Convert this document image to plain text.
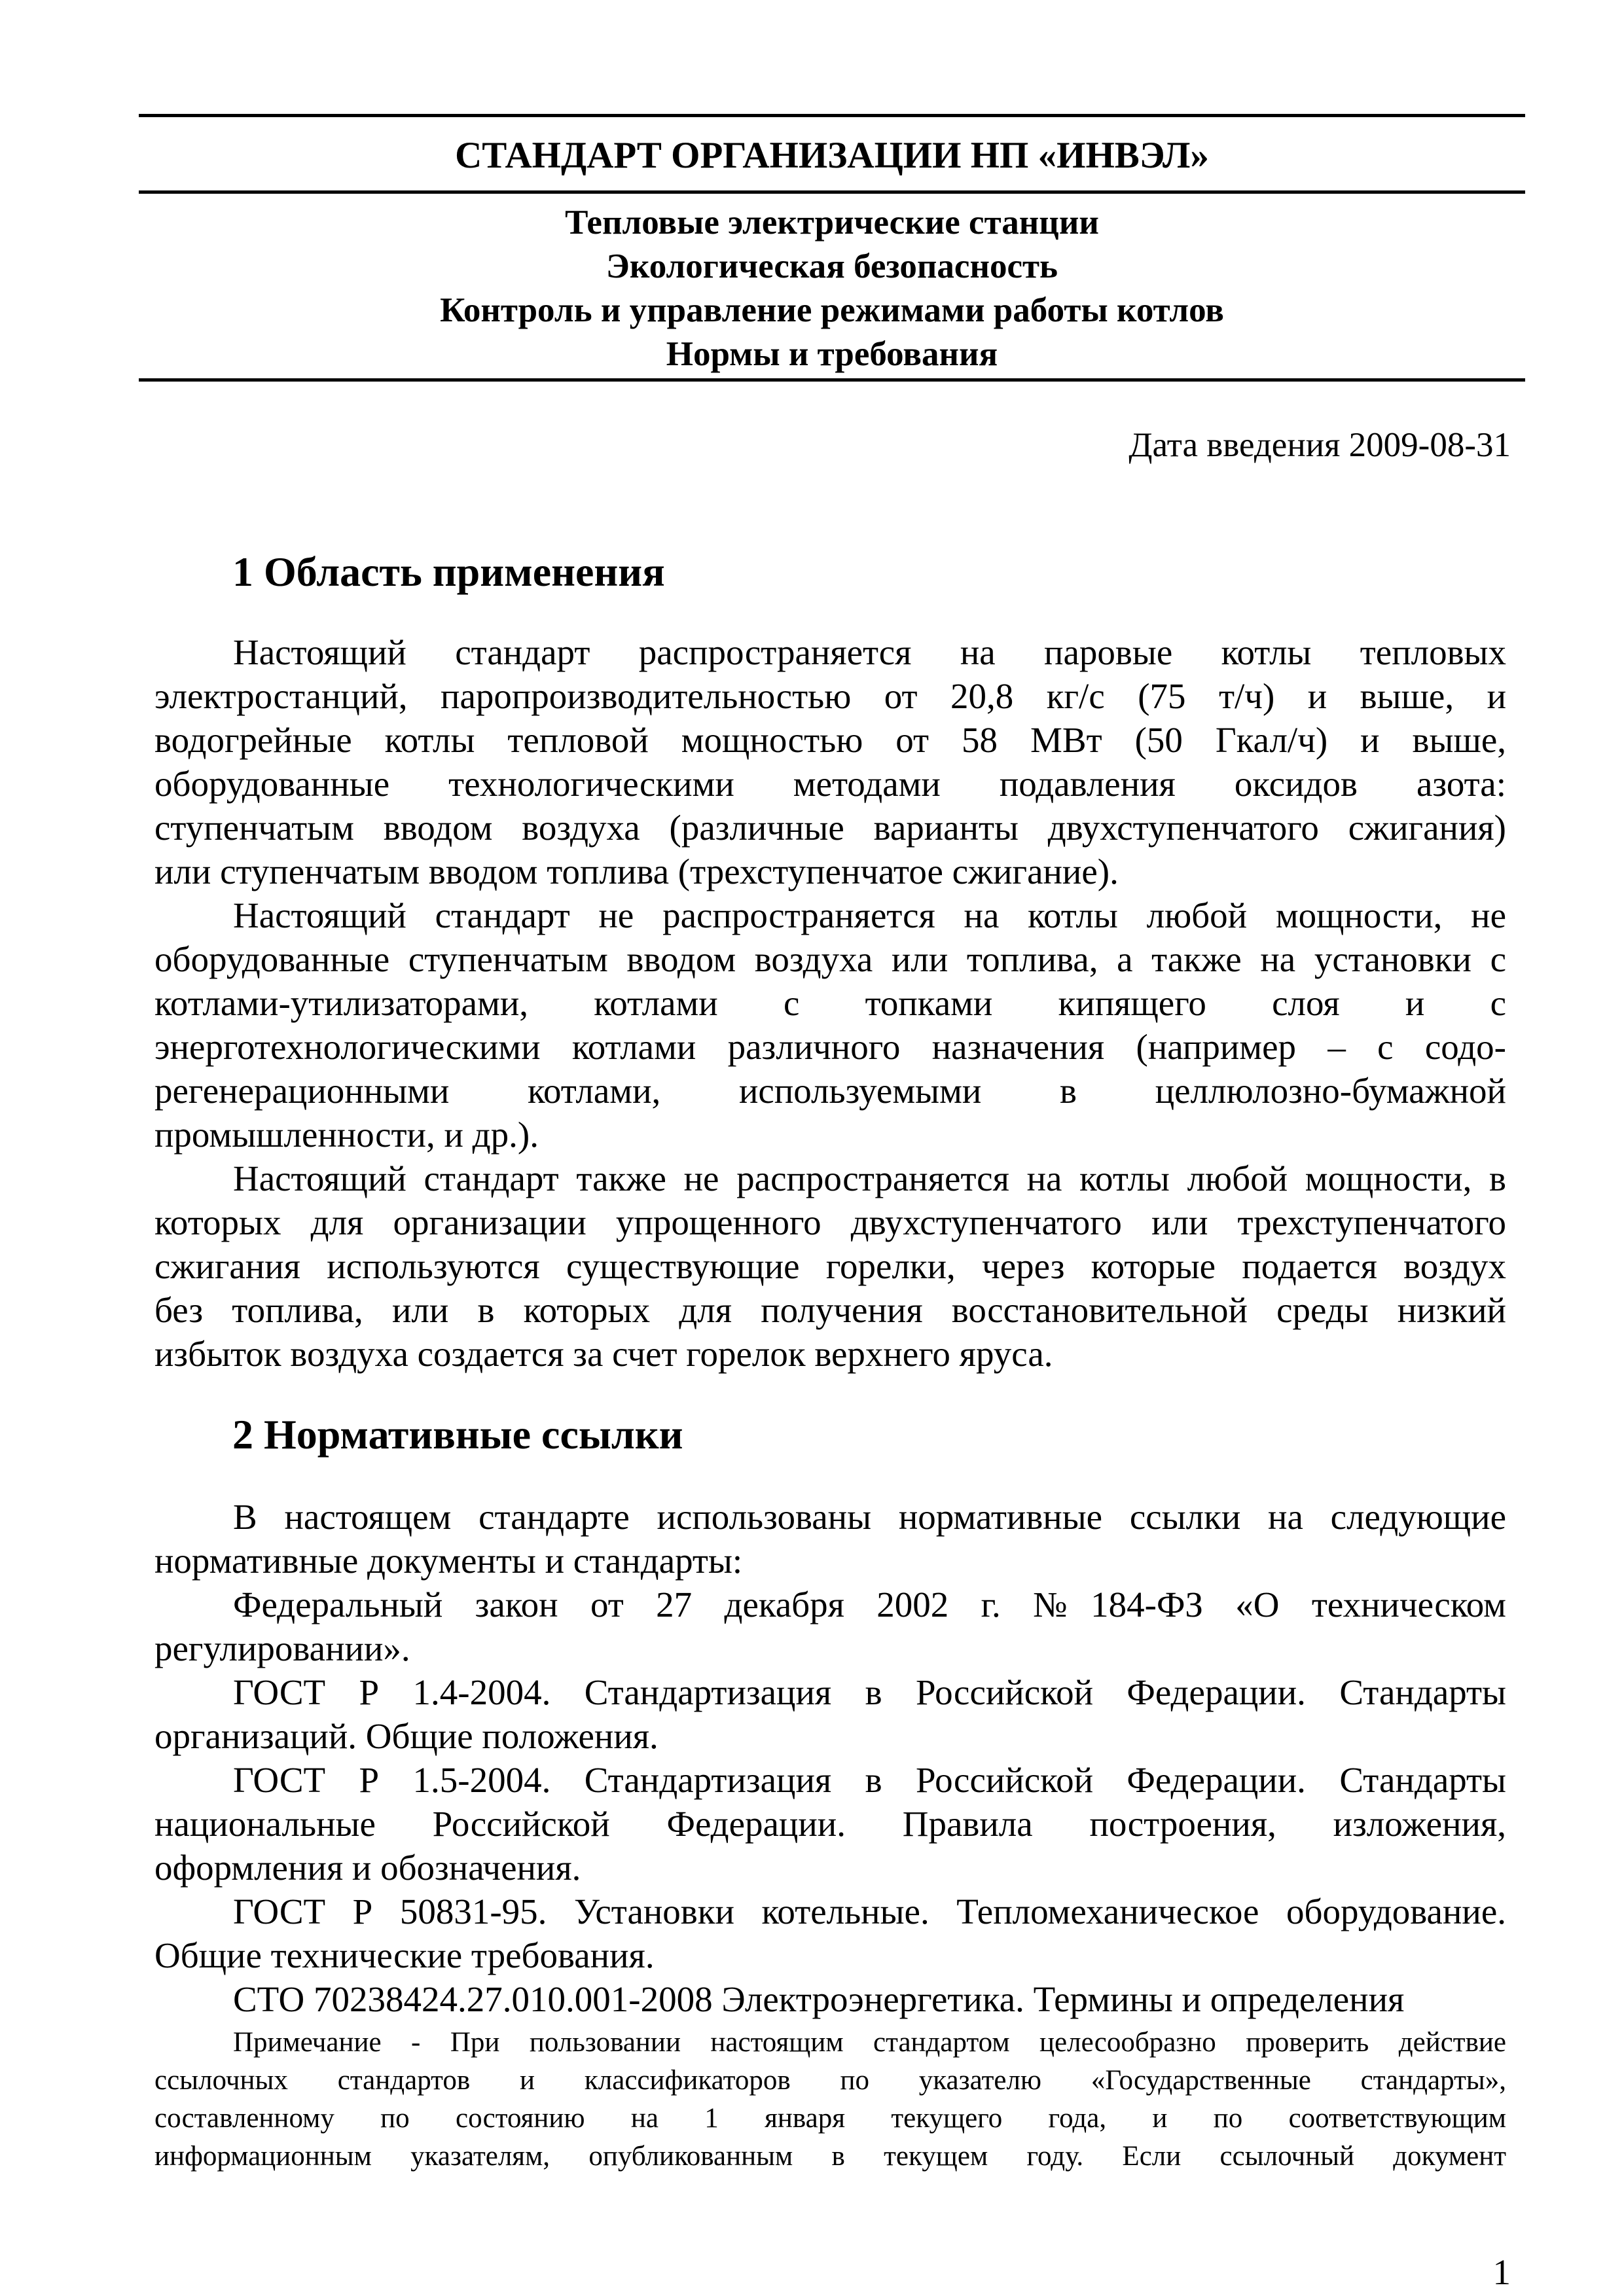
СТАНДАРТ ОРГАНИЗАЦИИ НП «ИНВЭЛ»
Тепловые электрические станции
Экологическая безопасность
Контроль и управление режимами работы котлов
Нормы и требования
Дата введения 2009-08-31
1 Область применения
Настоящий стандарт распространяется на паровые котлы тепловых
электростанций, паропроизводительностью от 20,8 кг/с (75 т/ч) и выше, и
водогрейные котлы тепловой мощностью от 58 МВт (50 Гкал/ч) и выше,
оборудованные технологическими методами подавления оксидов азота:
ступенчатым вводом воздуха (различные варианты двухступенчатого сжигания)
или ступенчатым вводом топлива (трехступенчатое сжигание).
Настоящий стандарт не распространяется на котлы любой мощности, не
оборудованные ступенчатым вводом воздуха или топлива, а также на установки с
котлами-утилизаторами, котлами с топками кипящего слоя и с
энерготехнологическими котлами различного назначения (например – с содо-
регенерационными котлами, используемыми в целлюлозно-бумажной
промышленности, и др.).
Настоящий стандарт также не распространяется на котлы любой мощности, в
которых для организации упрощенного двухступенчатого или трехступенчатого
сжигания используются существующие горелки, через которые подается воздух
без топлива, или в которых для получения восстановительной среды низкий
избыток воздуха создается за счет горелок верхнего яруса.
2 Нормативные ссылки
В настоящем стандарте использованы нормативные ссылки на следующие
нормативные документы и стандарты:
Федеральный закон от 27 декабря 2002 г. №184-ФЗ «О техническом
регулировании».
ГОСТ Р 1.4-2004. Стандартизация в Российской Федерации. Стандарты
организаций. Общие положения.
ГОСТ Р 1.5-2004. Стандартизация в Российской Федерации. Стандарты
национальные Российской Федерации. Правила построения, изложения,
оформления и обозначения.
ГОСТ Р 50831-95. Установки котельные. Тепломеханическое оборудование.
Общие технические требования.
СТО 70238424.27.010.001-2008 Электроэнергетика. Термины и определения
Примечание - При пользовании настоящим стандартом целесообразно проверить действие
ссылочных стандартов и классификаторов по указателю «Государственные стандарты»,
составленному по состоянию на 1 января текущего года, и по соответствующим
информационным указателям, опубликованным в текущем году. Если ссылочный документ
1
